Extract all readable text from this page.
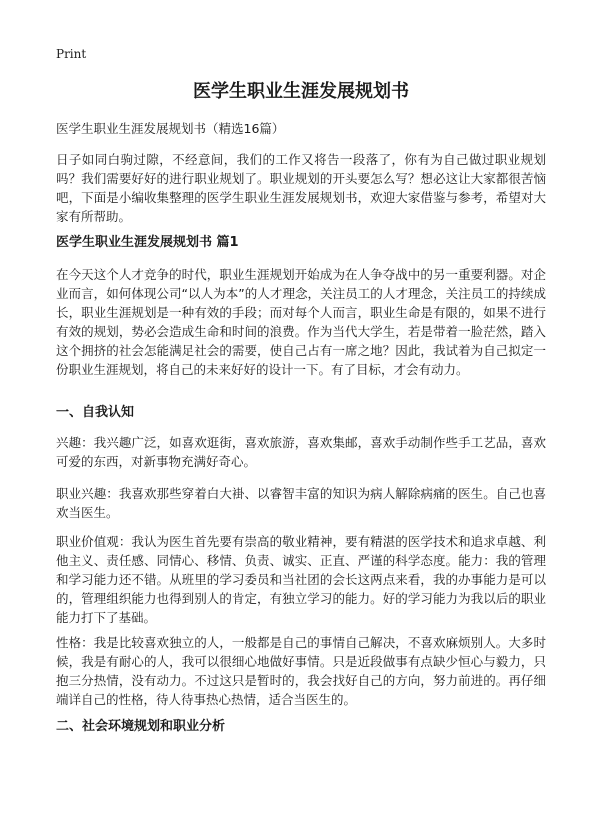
Print
医学生职业生涯发展规划书

医学生职业生涯发展规划书（精选16篇）

日子如同白驹过隙，不经意间，我们的工作又将告一段落了，你有为自己做过职业规划吗？我们需要好好的进行职业规划了。职业规划的开头要怎么写？想必这让大家都很苦恼吧，下面是小编收集整理的医学生职业生涯发展规划书，欢迎大家借鉴与参考，希望对大家有所帮助。

医学生职业生涯发展规划书 篇1

在今天这个人才竞争的时代，职业生涯规划开始成为在人争夺战中的另一重要利器。对企业而言，如何体现公司“以人为本”的人才理念，关注员工的人才理念，关注员工的持续成长，职业生涯规划是一种有效的手段；而对每个人而言，职业生命是有限的，如果不进行有效的规划，势必会造成生命和时间的浪费。作为当代大学生，若是带着一脸茫然，踏入这个拥挤的社会怎能满足社会的需要，使自己占有一席之地？因此，我试着为自己拟定一份职业生涯规划，将自己的未来好好的设计一下。有了目标，才会有动力。

一、自我认知

兴趣：我兴趣广泛，如喜欢逛街，喜欢旅游，喜欢集邮，喜欢手动制作些手工艺品，喜欢可爱的东西，对新事物充满好奇心。

职业兴趣：我喜欢那些穿着白大褂、以睿智丰富的知识为病人解除病痛的医生。自己也喜欢当医生。

职业价值观：我认为医生首先要有崇高的敬业精神，要有精湛的医学技术和追求卓越、利他主义、责任感、同情心、移情、负责、诚实、正直、严谨的科学态度。能力：我的管理和学习能力还不错。从班里的学习委员和当社团的会长这两点来看，我的办事能力是可以的，管理组织能力也得到别人的肯定，有独立学习的能力。好的学习能力为我以后的职业能力打下了基础。

性格：我是比较喜欢独立的人，一般都是自己的事情自己解决，不喜欢麻烦别人。大多时候，我是有耐心的人，我可以很细心地做好事情。只是近段做事有点缺少恒心与毅力，只抱三分热情，没有动力。不过这只是暂时的，我会找好自己的方向，努力前进的。再仔细端详自己的性格，待人待事热心热情，适合当医生的。

二、社会环境规划和职业分析
